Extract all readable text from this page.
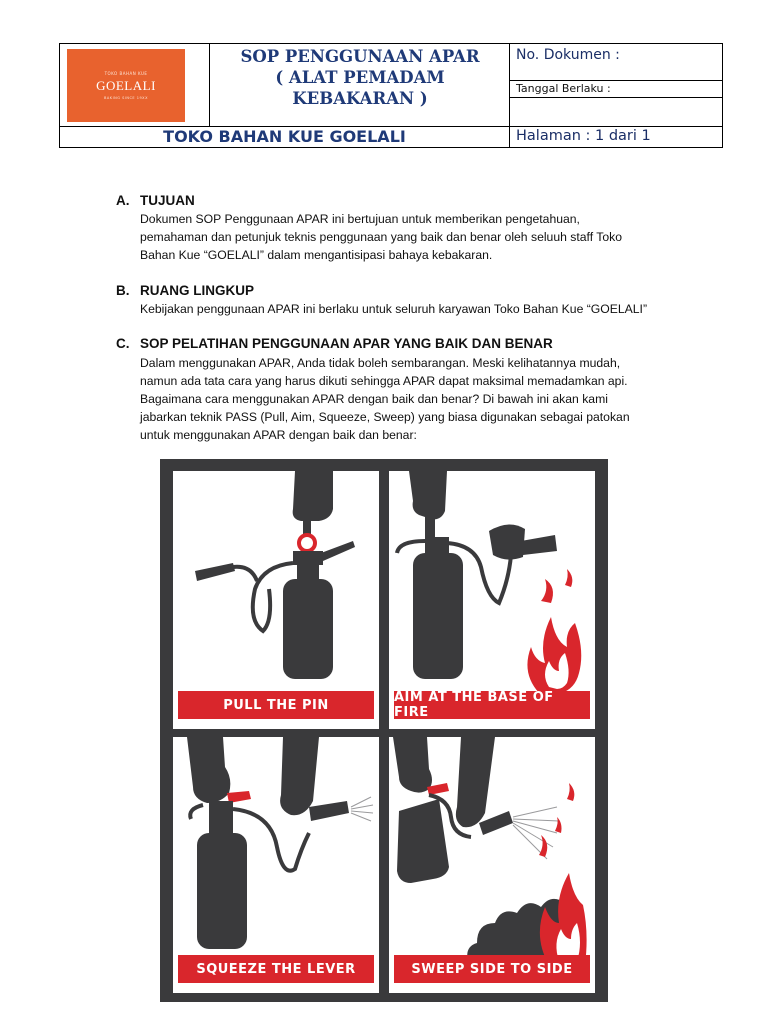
TOKO BAHAN KUE
GOELALI
BAKING SINCE 19XX
SOP PENGGUNAAN APAR
( ALAT PEMADAM
KEBAKARAN )
No. Dokumen :
Tanggal Berlaku :
TOKO BAHAN KUE GOELALI	Halaman : 1 dari 1
A. TUJUAN
Dokumen SOP Penggunaan APAR ini bertujuan untuk memberikan pengetahuan,
pemahaman dan petunjuk teknis penggunaan yang baik dan benar oleh seluuh staff Toko
Bahan Kue “GOELALI” dalam mengantisipasi bahaya kebakaran.
B. RUANG LINGKUP
Kebijakan penggunaan APAR ini berlaku untuk seluruh karyawan Toko Bahan Kue “GOELALI”
C. SOP PELATIHAN PENGGUNAAN APAR YANG BAIK DAN BENAR
Dalam menggunakan APAR, Anda tidak boleh sembarangan. Meski kelihatannya mudah,
namun ada tata cara yang harus dikuti sehingga APAR dapat maksimal memadamkan api.
Bagaimana cara menggunakan APAR dengan baik dan benar? Di bawah ini akan kami
jabarkan teknik PASS (Pull, Aim, Squeeze, Sweep) yang biasa digunakan sebagai patokan
untuk menggunakan APAR dengan baik dan benar:
PULL THE PIN	AIM AT THE BASE OF FIRE
SQUEEZE THE LEVER	SWEEP SIDE TO SIDE
